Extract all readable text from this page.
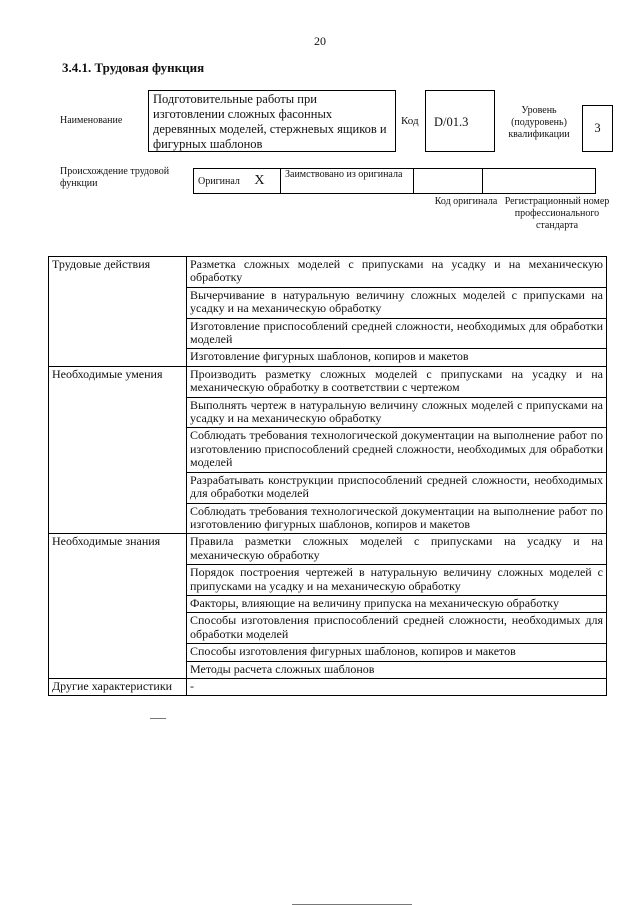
20
3.4.1. Трудовая функция
Наименование
Подготовительные работы при изготовлении сложных фасонных деревянных моделей, стержневых ящиков и фигурных шаблонов
Код	D/01.3
Уровень (подуровень) квалификации	3
Происхождение трудовой функции	Оригинал X	Заимствовано из оригинала		
Код оригинала Регистрационный номер профессионального стандарта
Трудовые действия	Разметка сложных моделей с припусками на усадку и на механическую обработку
	Вычерчивание в натуральную величину сложных моделей с припусками на усадку и на механическую обработку
	Изготовление приспособлений средней сложности, необходимых для обработки моделей
	Изготовление фигурных шаблонов, копиров и макетов
Необходимые умения	Производить разметку сложных моделей с припусками на усадку и на механическую обработку в соответствии с чертежом
	Выполнять чертеж в натуральную величину сложных моделей с припусками на усадку и на механическую обработку
	Соблюдать требования технологической документации на выполнение работ по изготовлению приспособлений средней сложности, необходимых для обработки моделей
	Разрабатывать конструкции приспособлений средней сложности, необходимых для обработки моделей
	Соблюдать требования технологической документации на выполнение работ по изготовлению фигурных шаблонов, копиров и макетов
Необходимые знания	Правила разметки сложных моделей с припусками на усадку и на механическую обработку
	Порядок построения чертежей в натуральную величину сложных моделей с припусками на усадку и на механическую обработку
	Факторы, влияющие на величину припуска на механическую обработку
	Способы изготовления приспособлений средней сложности, необходимых для обработки моделей
	Способы изготовления фигурных шаблонов, копиров и макетов
	Методы расчета сложных шаблонов
Другие характеристики	-
